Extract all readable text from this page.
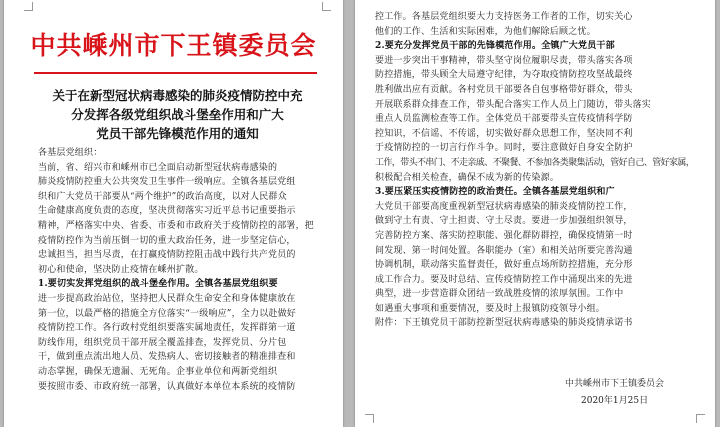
中共嵊州市下王镇委员会
关于在新型冠状病毒感染的肺炎疫情防控中充
分发挥各级党组织战斗堡垒作用和广大
党员干部先锋模范作用的通知
各基层党组织：
当前，省、绍兴市和嵊州市已全面启动新型冠状病毒感染的
肺炎疫情防控重大公共突发卫生事件一级响应。全镇各基层党组
织和广大党员干部要从“两个维护”的政治高度，以对人民群众
生命健康高度负责的态度，坚决贯彻落实习近平总书记重要指示
精神，严格落实中央、省委、市委和市政府关于疫情防控的部署，把
疫情防控作为当前压倒一切的重大政治任务，进一步坚定信心，
忠诚担当，担当尽责，在打赢疫情防控阻击战中践行共产党员的
初心和使命，坚决防止疫情在嵊州扩散。
1.要切实发挥党组织的战斗堡垒作用。全镇各基层党组织要
进一步提高政治站位，坚持把人民群众生命安全和身体健康放在
第一位，以最严格的措施全方位落实“一级响应”，全力以赴做好
疫情防控工作。各行政村党组织要落实属地责任，发挥群第一道
防线作用，组织党员干部开展全覆盖排查，发挥党员、分片包
干，做到重点流出地人员、发热病人、密切接触者的精准排查和
动态掌握，确保无遗漏、无死角。企事业单位和两新党组织
要按照市委、市政府统一部署，认真做好本单位本系统的疫情防
控工作。各基层党组织要大力支持医务工作者的工作，切实关心
他们的工作、生活和实际困难，为他们解除后顾之忧。
2.要充分发挥党员干部的先锋模范作用。全镇广大党员干部
要进一步突出干事精神，带头坚守岗位履职尽责，带头落实各项
防控措施，带头顾全大局遵守纪律，为夺取疫情防控攻坚战最终
胜利做出应有贡献。各村党员干部要各自包事格带好群众，带头
开展联系群众排查工作，带头配合落实工作人员上门随访，带头落实
重点人员监测检查等工作。全体党员干部要带头宣传疫情科学防
控知识，不信谣、不传谣，切实做好群众思想工作，坚决同不利
于疫情防控的一切言行作斗争。同时，要注意做好自身安全防护
工作，带头不串门、不走亲戚、不聚餐、不参加各类聚集活动，管好自己、管好家属，
积极配合相关检查，确保不成为新的传染源。
3.要压紧压实疫情防控的政治责任。全镇各基层党组织和广
大党员干部要高度重视新型冠状病毒感染的肺炎疫情防控工作，
做到守土有责、守土担责、守土尽责。要进一步加强组织领导，
完善防控方案、落实防控职能、强化群防群控，确保疫情第一时
间发现、第一时间处置。各职能办（室）和相关站所要完善沟通
协调机制，联动落实监督责任，做好重点场所防控措施，充分形
成工作合力。要及时总结、宣传疫情防控工作中涌现出来的先进
典型，进一步营造群众团结一致战胜疫情的浓厚氛围。工作中
如遇重大事项和重要情况，要及时上报镇防疫领导小组。
附件：下王镇党员干部防控新型冠状病毒感染的肺炎疫情承诺书
中共嵊州市下王镇委员会
2020年1月25日
